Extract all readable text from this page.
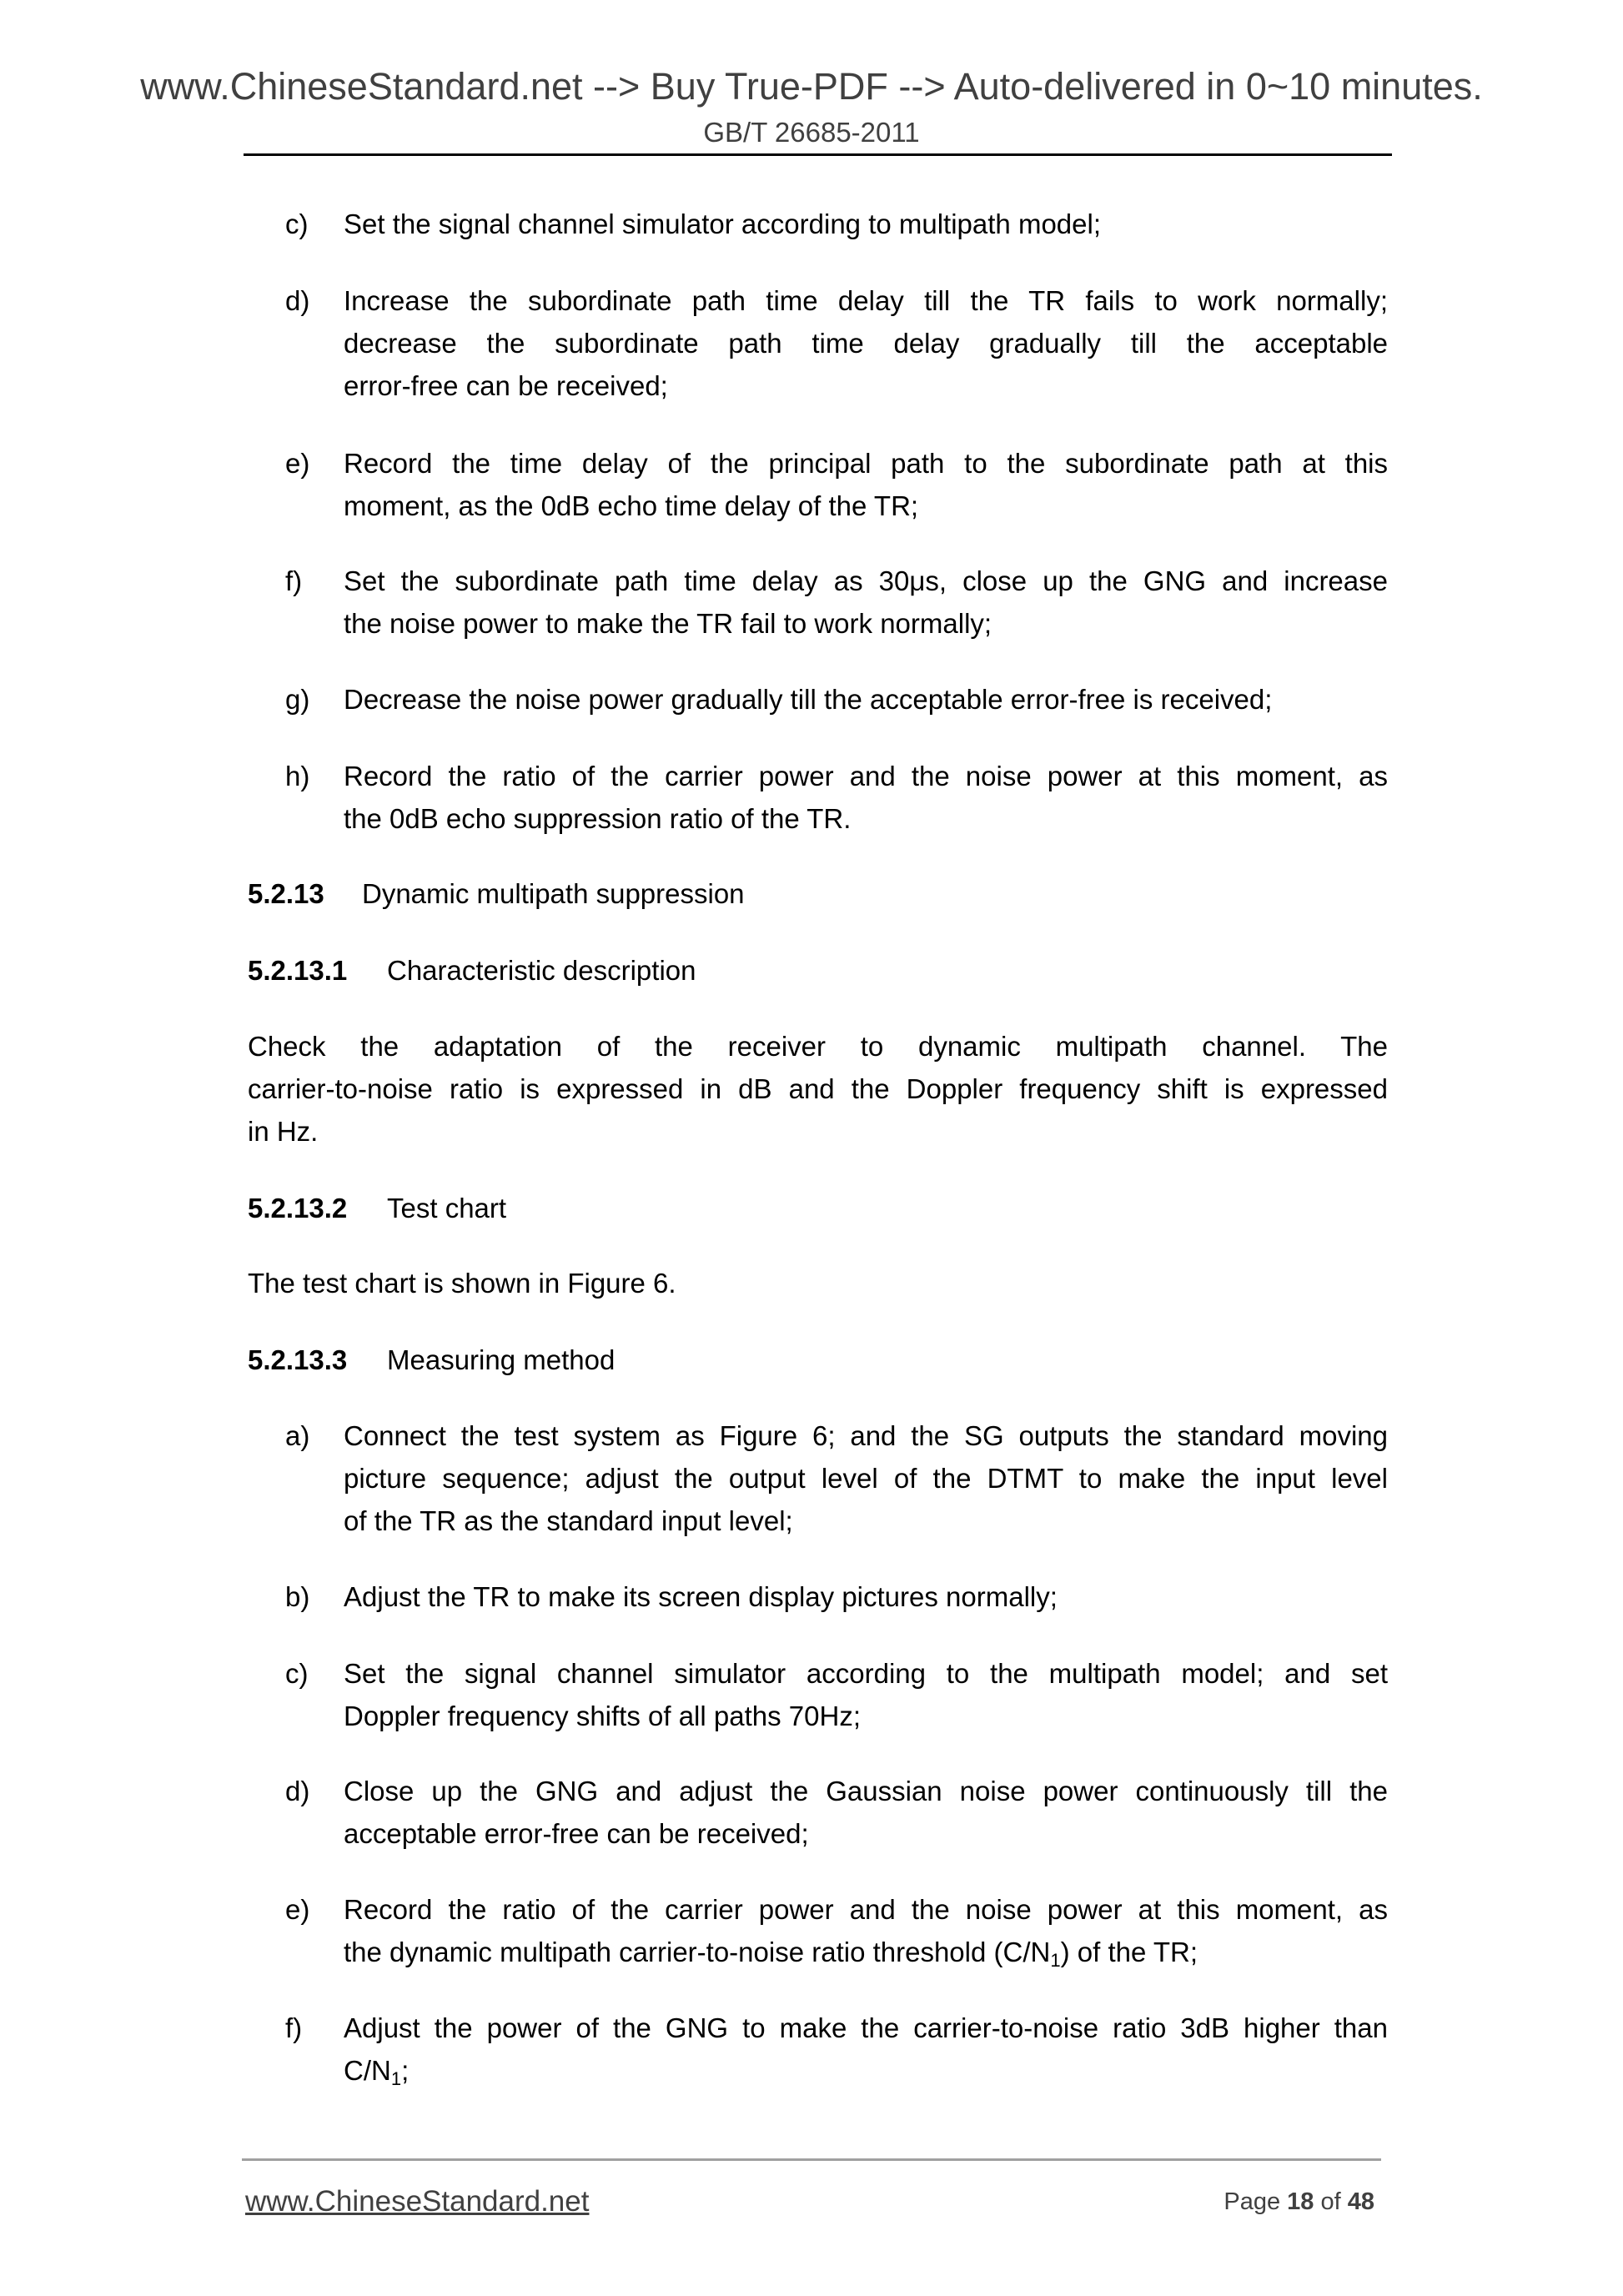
www.ChineseStandard.net --> Buy True-PDF --> Auto-delivered in 0~10 minutes.
GB/T 26685-2011
c) Set the signal channel simulator according to multipath model;
d) Increase the subordinate path time delay till the TR fails to work normally;
decrease the subordinate path time delay gradually till the acceptable
error-free can be received;
e) Record the time delay of the principal path to the subordinate path at this
moment, as the 0dB echo time delay of the TR;
f) Set the subordinate path time delay as 30μs, close up the GNG and increase
the noise power to make the TR fail to work normally;
g) Decrease the noise power gradually till the acceptable error-free is received;
h) Record the ratio of the carrier power and the noise power at this moment, as
the 0dB echo suppression ratio of the TR.
5.2.13 Dynamic multipath suppression
5.2.13.1 Characteristic description
Check the adaptation of the receiver to dynamic multipath channel. The
carrier-to-noise ratio is expressed in dB and the Doppler frequency shift is expressed
in Hz.
5.2.13.2 Test chart
The test chart is shown in Figure 6.
5.2.13.3 Measuring method
a) Connect the test system as Figure 6; and the SG outputs the standard moving
picture sequence; adjust the output level of the DTMT to make the input level
of the TR as the standard input level;
b) Adjust the TR to make its screen display pictures normally;
c) Set the signal channel simulator according to the multipath model; and set
Doppler frequency shifts of all paths 70Hz;
d) Close up the GNG and adjust the Gaussian noise power continuously till the
acceptable error-free can be received;
e) Record the ratio of the carrier power and the noise power at this moment, as
the dynamic multipath carrier-to-noise ratio threshold $(C/N_1)$ of the TR;
f) Adjust the power of the GNG to make the carrier-to-noise ratio 3dB higher than
$C/N_1$;
www.ChineseStandard.net	Page 18 of 48
